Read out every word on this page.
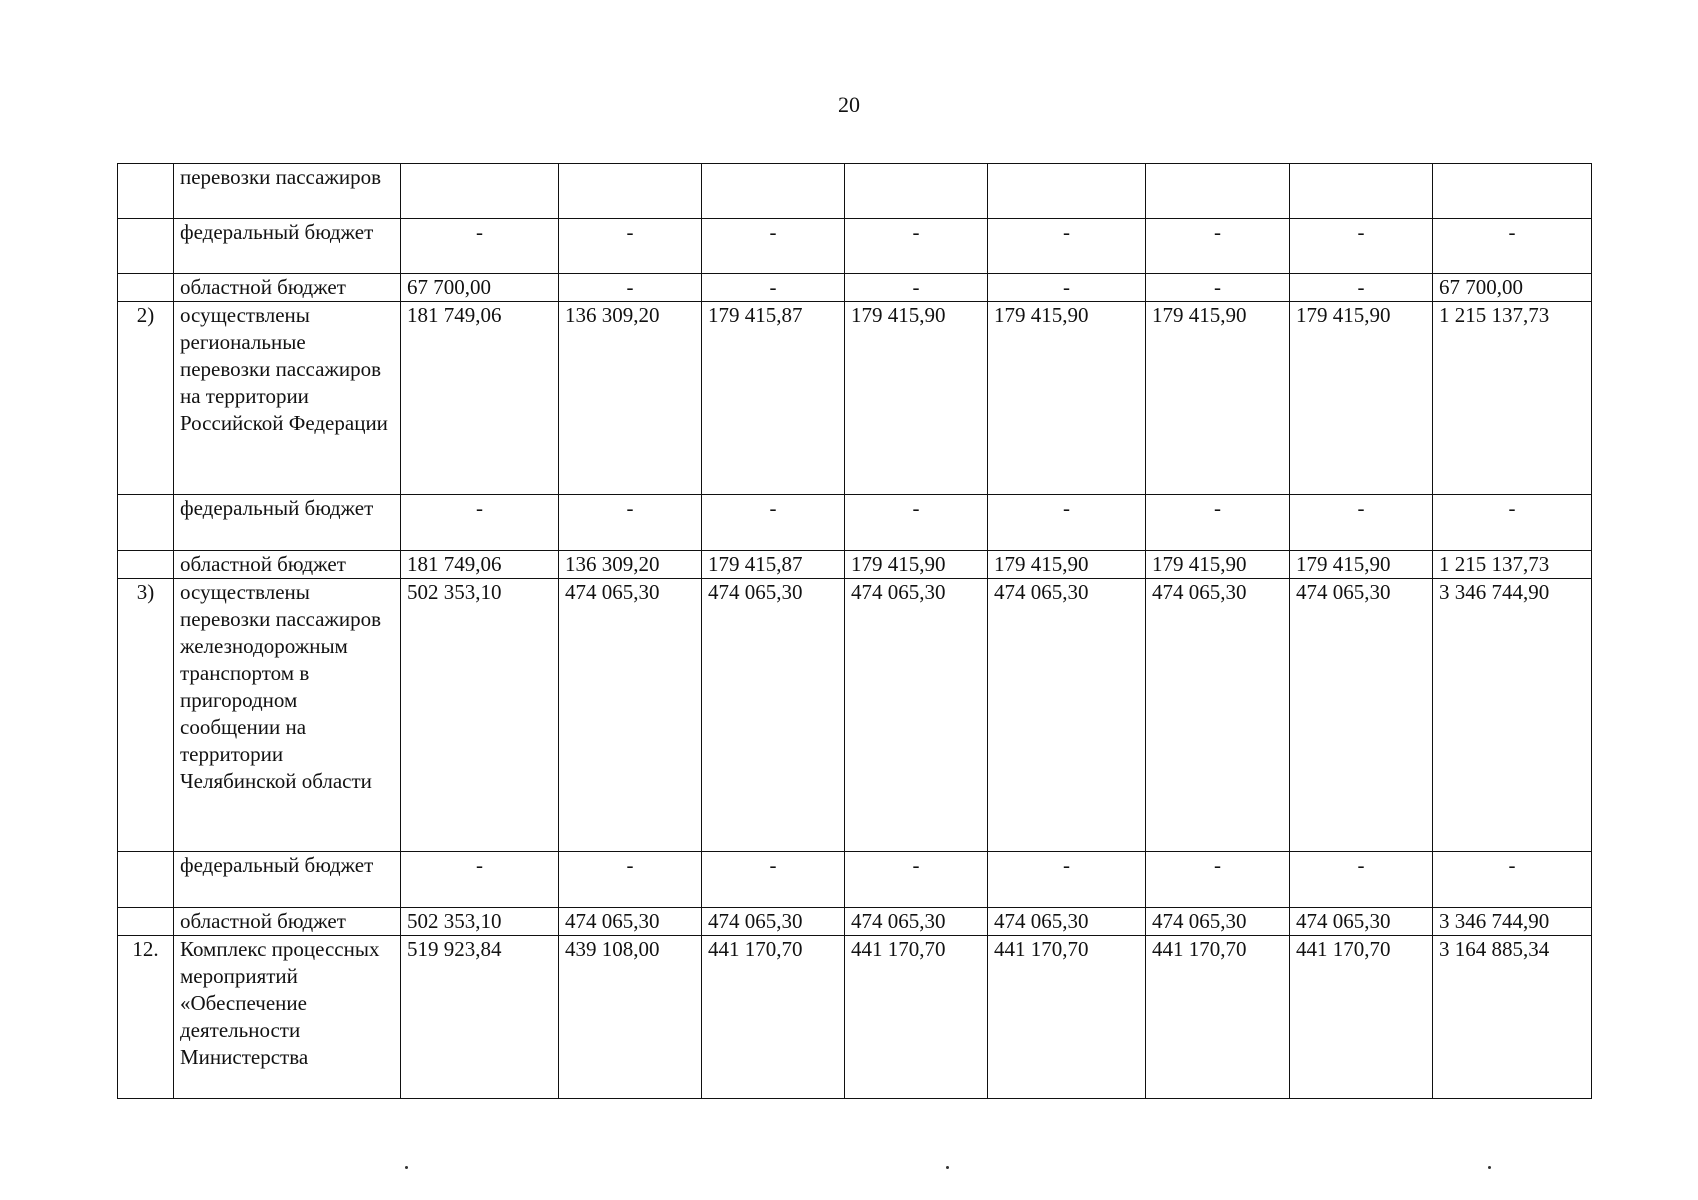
20
	перевозки пассажиров								
	федеральный бюджет	-	-	-	-	-	-	-	-
	областной бюджет	67 700,00	-	-	-	-	-	-	67 700,00
2)	осуществлены региональные перевозки пассажиров на территории Российской Федерации	181 749,06	136 309,20	179 415,87	179 415,90	179 415,90	179 415,90	179 415,90	1 215 137,73
	федеральный бюджет	-	-	-	-	-	-	-	-
	областной бюджет	181 749,06	136 309,20	179 415,87	179 415,90	179 415,90	179 415,90	179 415,90	1 215 137,73
3)	осуществлены перевозки пассажиров железнодорожным транспортом в пригородном сообщении на территории Челябинской области	502 353,10	474 065,30	474 065,30	474 065,30	474 065,30	474 065,30	474 065,30	3 346 744,90
	федеральный бюджет	-	-	-	-	-	-	-	-
	областной бюджет	502 353,10	474 065,30	474 065,30	474 065,30	474 065,30	474 065,30	474 065,30	3 346 744,90
12.	Комплекс процессных мероприятий «Обеспечение деятельности Министерства	519 923,84	439 108,00	441 170,70	441 170,70	441 170,70	441 170,70	441 170,70	3 164 885,34
